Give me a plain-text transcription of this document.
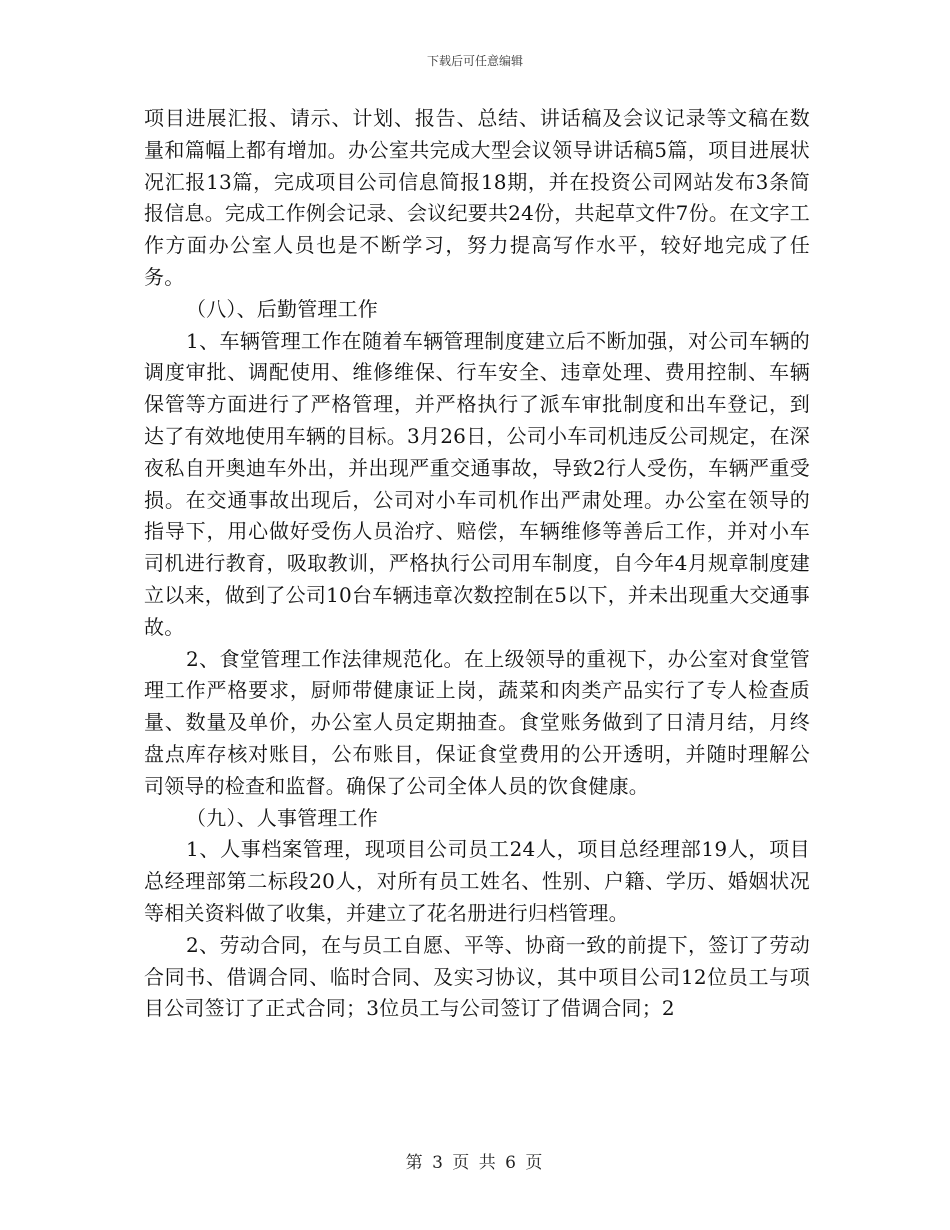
下载后可任意编辑

项目进展汇报、请示、计划、报告、总结、讲话稿及会议记录等文稿在数量和篇幅上都有增加。办公室共完成大型会议领导讲话稿5篇，项目进展状况汇报13篇，完成项目公司信息简报18期，并在投资公司网站发布3条简报信息。完成工作例会记录、会议纪要共24份，共起草文件7份。在文字工作方面办公室人员也是不断学习，努力提高写作水平，较好地完成了任务。

（八）、后勤管理工作

1、车辆管理工作在随着车辆管理制度建立后不断加强，对公司车辆的调度审批、调配使用、维修维保、行车安全、违章处理、费用控制、车辆保管等方面进行了严格管理，并严格执行了派车审批制度和出车登记，到达了有效地使用车辆的目标。3月26日，公司小车司机违反公司规定，在深夜私自开奥迪车外出，并出现严重交通事故，导致2行人受伤，车辆严重受损。在交通事故出现后，公司对小车司机作出严肃处理。办公室在领导的指导下，用心做好受伤人员治疗、赔偿，车辆维修等善后工作，并对小车司机进行教育，吸取教训，严格执行公司用车制度，自今年4月规章制度建立以来，做到了公司10台车辆违章次数控制在5以下，并未出现重大交通事故。

2、食堂管理工作法律规范化。在上级领导的重视下，办公室对食堂管理工作严格要求，厨师带健康证上岗，蔬菜和肉类产品实行了专人检查质量、数量及单价，办公室人员定期抽查。食堂账务做到了日清月结，月终盘点库存核对账目，公布账目，保证食堂费用的公开透明，并随时理解公司领导的检查和监督。确保了公司全体人员的饮食健康。

（九）、人事管理工作

1、人事档案管理，现项目公司员工24人，项目总经理部19人，项目总经理部第二标段20人，对所有员工姓名、性别、户籍、学历、婚姻状况等相关资料做了收集，并建立了花名册进行归档管理。

2、劳动合同，在与员工自愿、平等、协商一致的前提下，签订了劳动合同书、借调合同、临时合同、及实习协议，其中项目公司12位员工与项目公司签订了正式合同；3位员工与公司签订了借调合同；2

第 3 页 共 6 页
